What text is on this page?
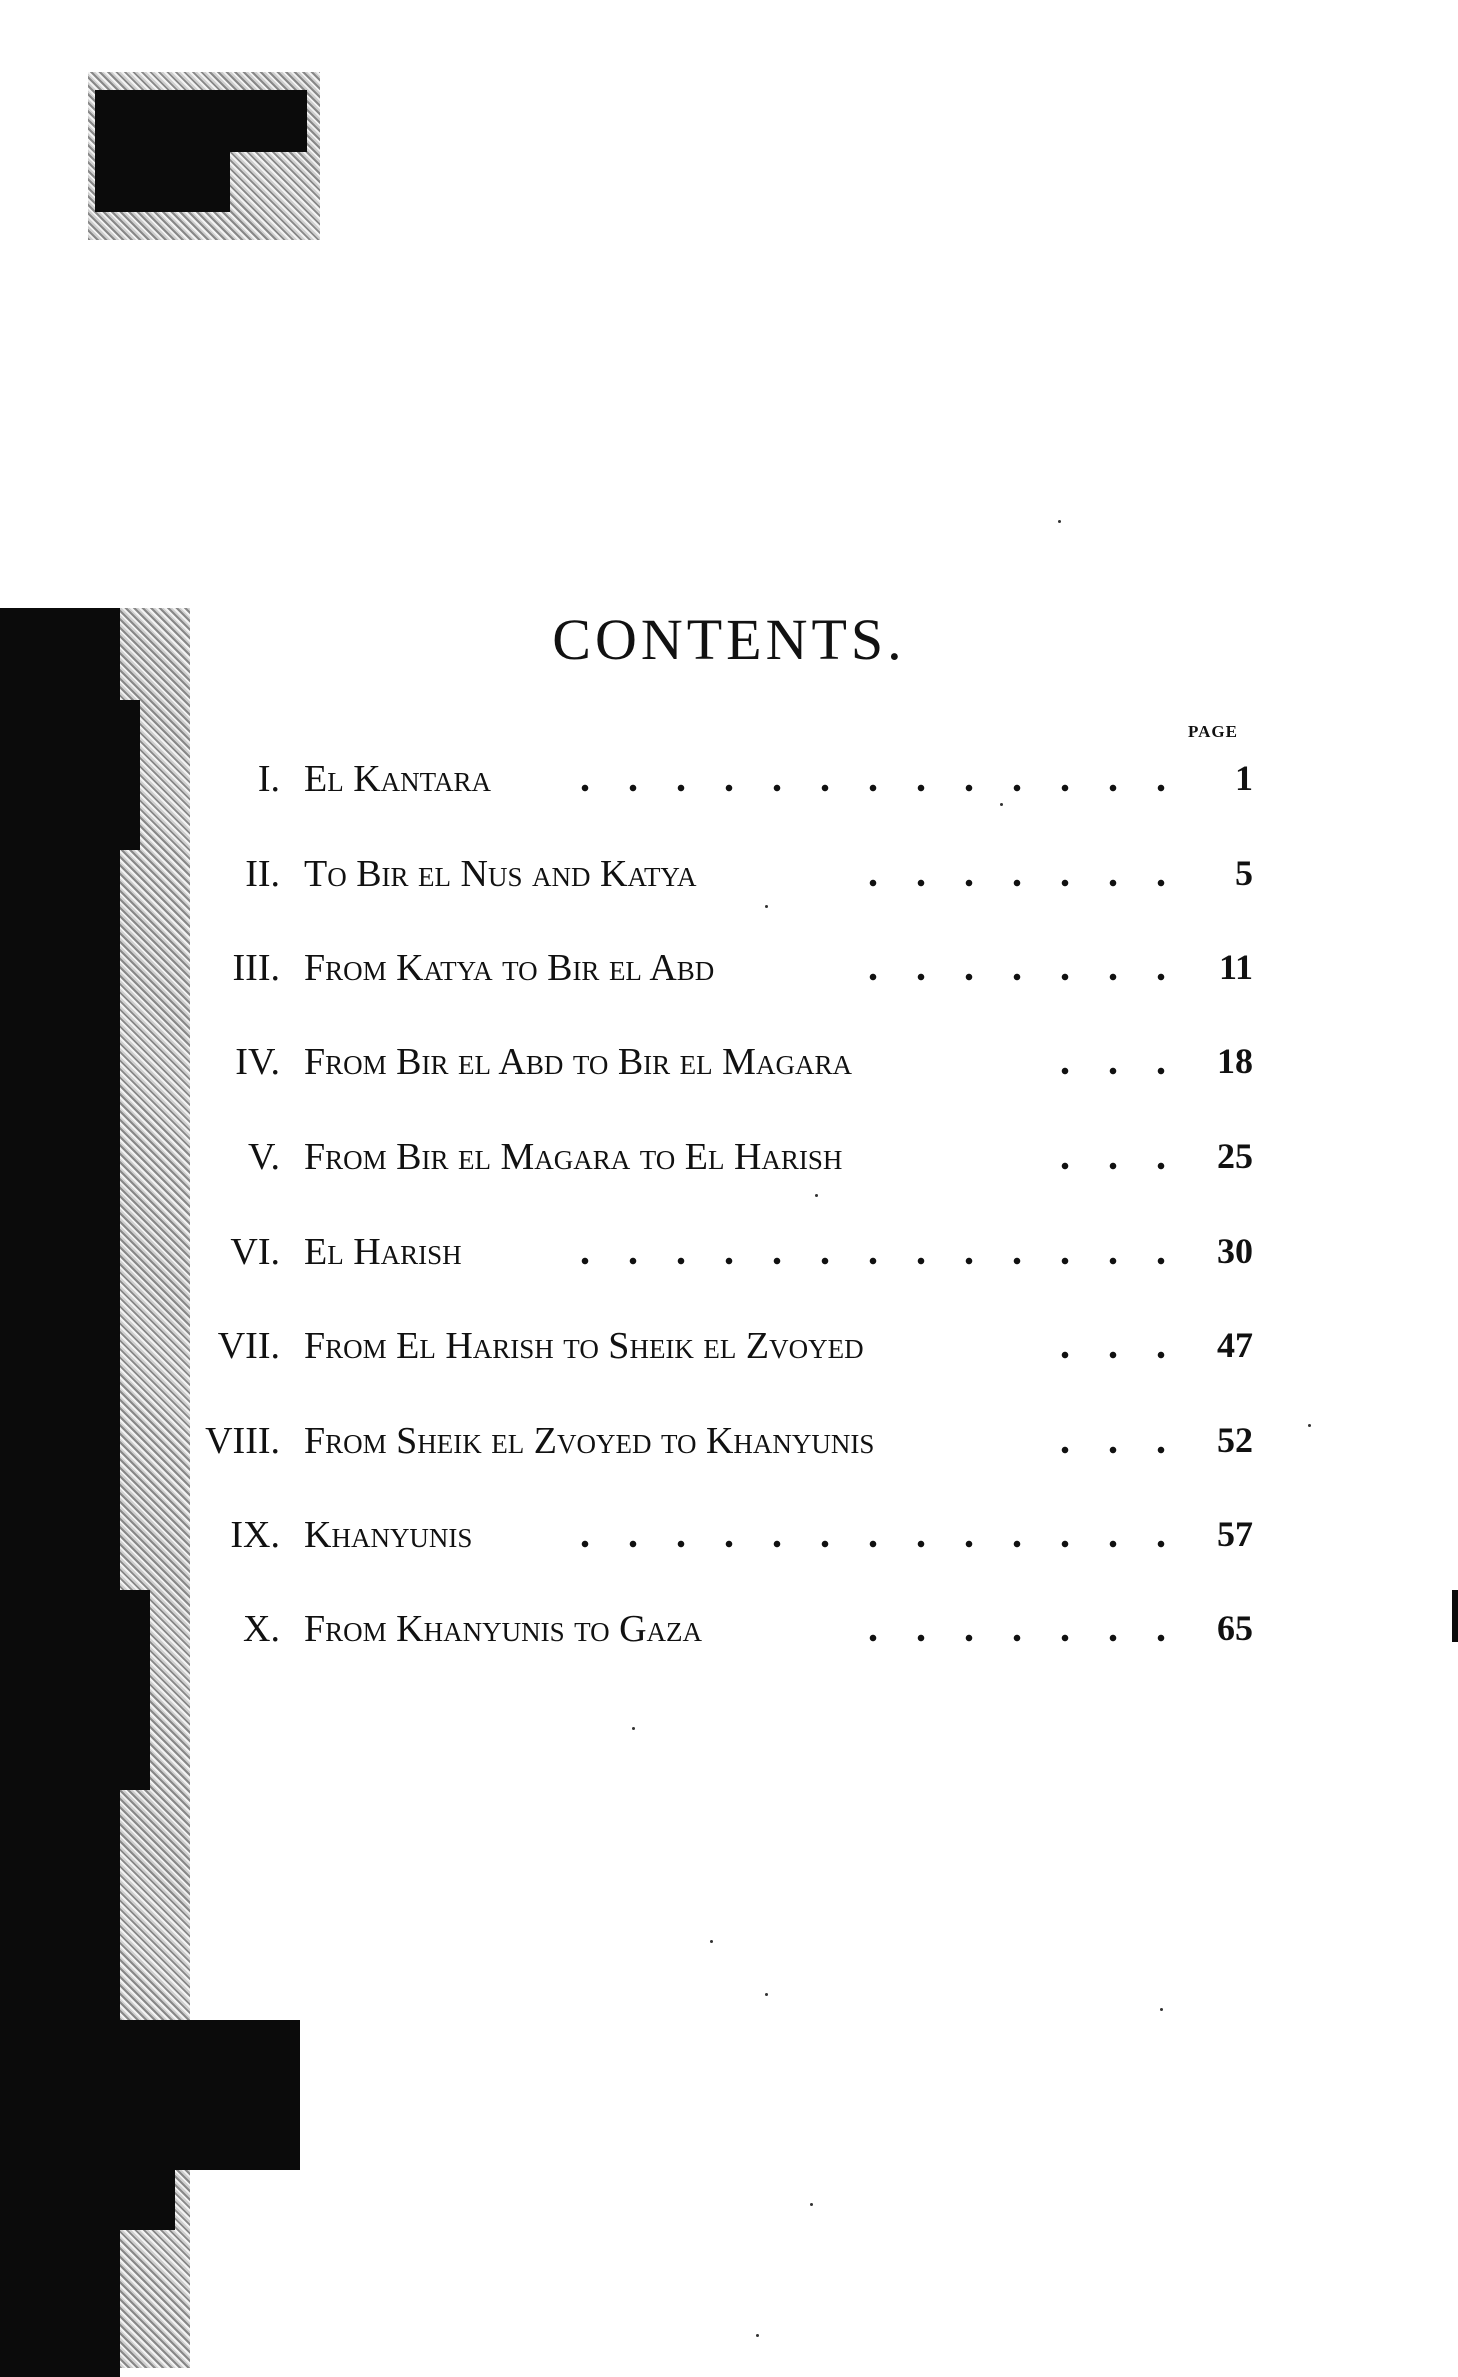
CONTENTS.
PAGE
I. El Kantara	1
II. To Bir el Nus and Katya	5
III. From Katya to Bir el Abd	11
IV. From Bir el Abd to Bir el Magara	18
V. From Bir el Magara to El Harish	25
VI. El Harish	30
VII. From El Harish to Sheik el Zvoyed	47
VIII. From Sheik el Zvoyed to Khanyunis	52
IX. Khanyunis	57
X. From Khanyunis to Gaza	65
